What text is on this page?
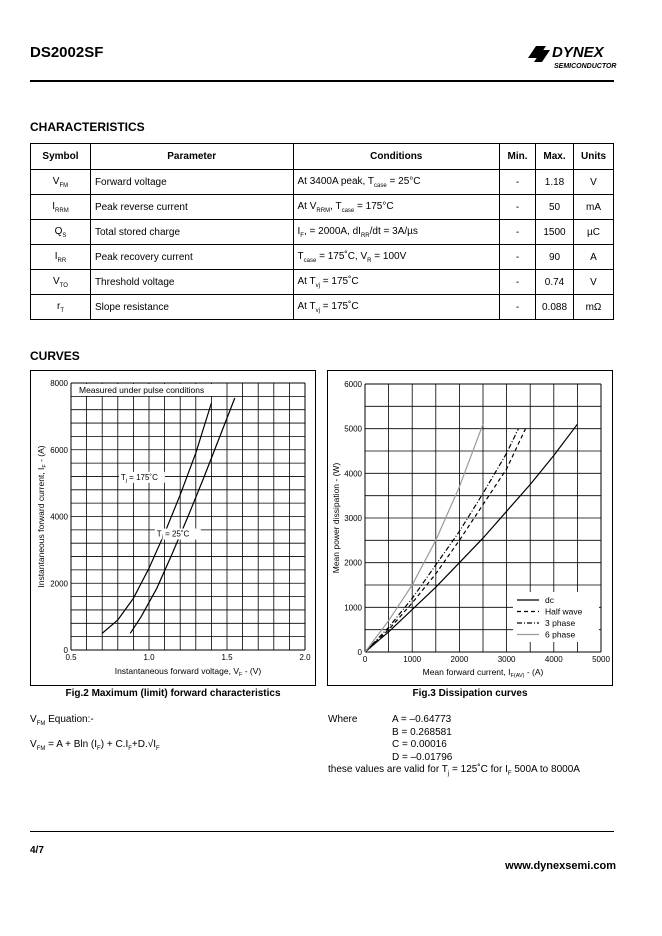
DS2002SF	DYNEX
SEMICONDUCTOR
CHARACTERISTICS
Symbol	Parameter	Conditions	Min.	Max.	Units
$V_{FM}$	Forward voltage	At 3400A peak, $T_{case} = 25^\circ C$	-	1.18	V
$I_{RRM}$	Peak reverse current	At $V_{RRM}$, $T_{case} = 175^\circ C$	-	50	mA
$Q_S$	Total stored charge	$I_F$, = 2000A, $dI_{RR}/dt = 3A/\mu s$	-	1500	µC
$I_{RR}$	Peak recovery current	$T_{case}$ = 175˚C, $V_R = 100V$	-	90	A
$V_{TO}$	Threshold voltage	At $T_{vj}$ = 175˚C	-	0.74	V
$r_T$	Slope resistance	At $T_{vj}$ = 175˚C	-	0.088	mΩ
CURVES
0.5	1.0	1.5	2.0
0
2000
4000
6000
8000
Measured under pulse conditions
$T_j$ = 175˚C
$T_j$ = 25˚C
Instantaneous forward voltage, $V_F - (V)$
Instantaneous forward current, $I_F - (A)$
0	1000	2000	3000	4000	5000
0
1000
2000
3000
4000
5000
6000
dc
Half wave
3 phase
6 phase
Mean forward current, $I_{F(AV)} - (A)$
Mean power dissipation - (W)
Fig.2 Maximum (limit) forward characteristics	Fig.3 Dissipation curves
$V_{FM}$ Equation:-
$V_{FM} = A + Bln$ $(I_F) + C.I_F+D.√I_F$
Where	A = –0.64773
B = 0.268581
C = 0.00016
D = –0.01796
these values are valid for $T_j$ = 125˚C for $I_F$ 500A to 8000A
4/7
www.dynexsemi.com
